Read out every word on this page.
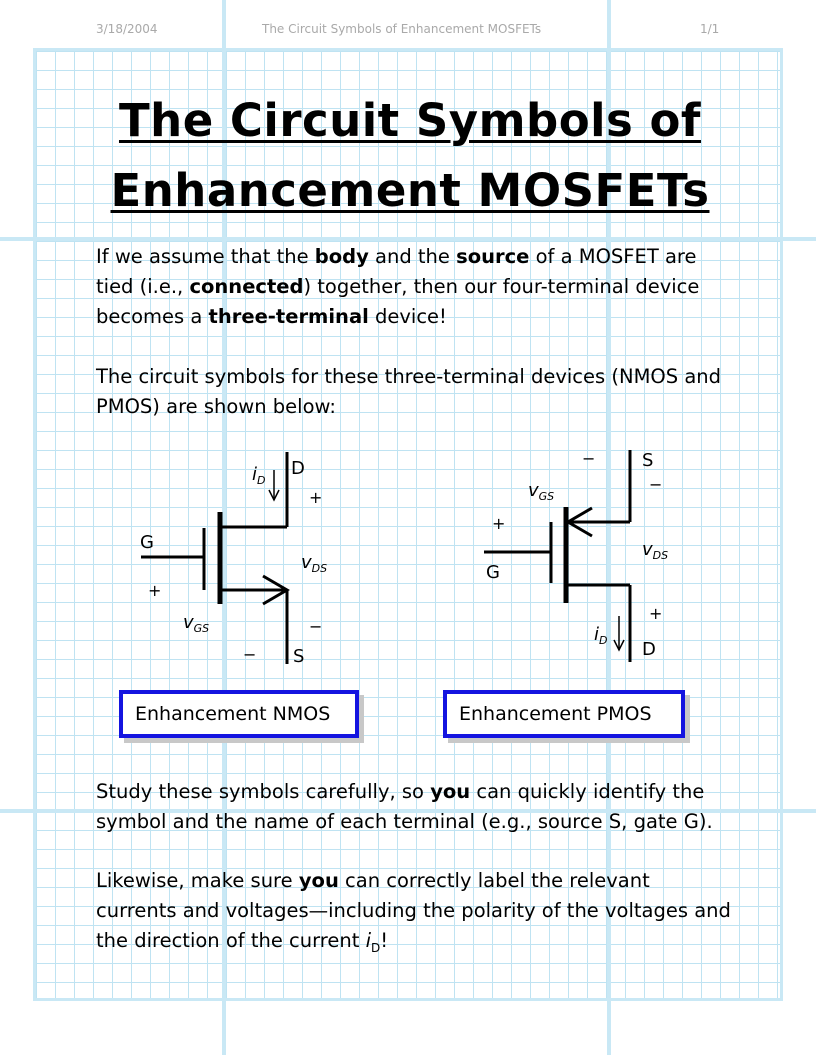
3/18/2004	The Circuit Symbols of Enhancement MOSFETs	1/1
The Circuit Symbols of
Enhancement MOSFETs
If we assume that the body and the source of a MOSFET are tied (i.e., connected) together, then our four-terminal device becomes a three-terminal device!
The circuit symbols for these three-terminal devices (NMOS and PMOS) are shown below:
D
G
S
$i_D$
$v_{DS}$
$v_{GS}$
+
−
+
−
S
G
D
$i_D$
$v_{DS}$
$v_{GS}$
−
−
+
+
Enhancement NMOS	Enhancement PMOS
Study these symbols carefully, so you can quickly identify the symbol and the name of each terminal (e.g., source S, gate G).
Likewise, make sure you can correctly label the relevant currents and voltages—including the polarity of the voltages and the direction of the current $i_D$!
